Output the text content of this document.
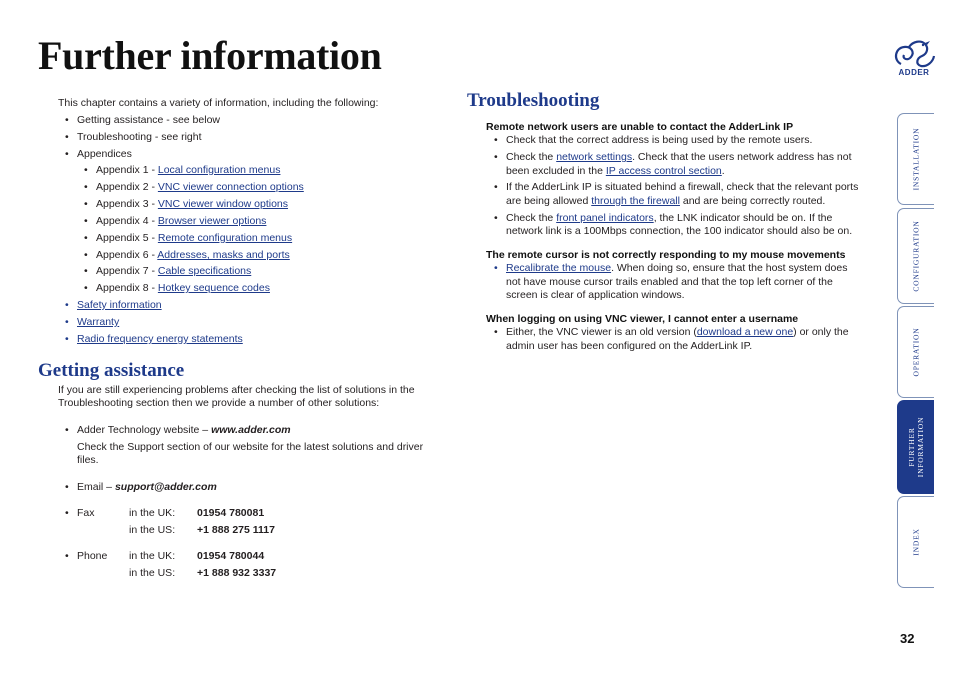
Further information	ADDER
This chapter contains a variety of information, including the following:
• Getting assistance - see below
• Troubleshooting - see right
• Appendices
• Appendix 1 - Local configuration menus
• Appendix 2 - VNC viewer connection options
• Appendix 3 - VNC viewer window options
• Appendix 4 - Browser viewer options
• Appendix 5 - Remote configuration menus
• Appendix 6 - Addresses, masks and ports
• Appendix 7 - Cable specifications
• Appendix 8 - Hotkey sequence codes
• Safety information
• Warranty
• Radio frequency energy statements
Getting assistance
If you are still experiencing problems after checking the list of solutions in the
Troubleshooting section then we provide a number of other solutions:
• Adder Technology website – www.adder.com
Check the Support section of our website for the latest solutions and driver
files.
• Email – support@adder.com
• Fax	in the UK: 01954 780081
in the US: +1 888 275 1117
• Phone in the UK: 01954 780044
in the US: +1 888 932 3337
Troubleshooting
Remote network users are unable to contact the AdderLink IP
• Check that the correct address is being used by the remote users.
• Check the network settings. Check that the users network address has not
been excluded in the IP access control section.
• If the AdderLink IP is situated behind a firewall, check that the relevant ports
are being allowed through the firewall and are being correctly routed.
• Check the front panel indicators, the LNK indicator should be on. If the
network link is a 100Mbps connection, the 100 indicator should also be on.
The remote cursor is not correctly responding to my mouse movements
• Recalibrate the mouse. When doing so, ensure that the host system does
not have mouse cursor trails enabled and that the top left corner of the
screen is clear of application windows.
When logging on using VNC viewer, I cannot enter a username
• Either, the VNC viewer is an old version (download a new one) or only the
admin user has been configured on the AdderLink IP.
INSTALLATION
CONFIGURATION
OPERATION
FURTHER
INFORMATION
INDEX
32
